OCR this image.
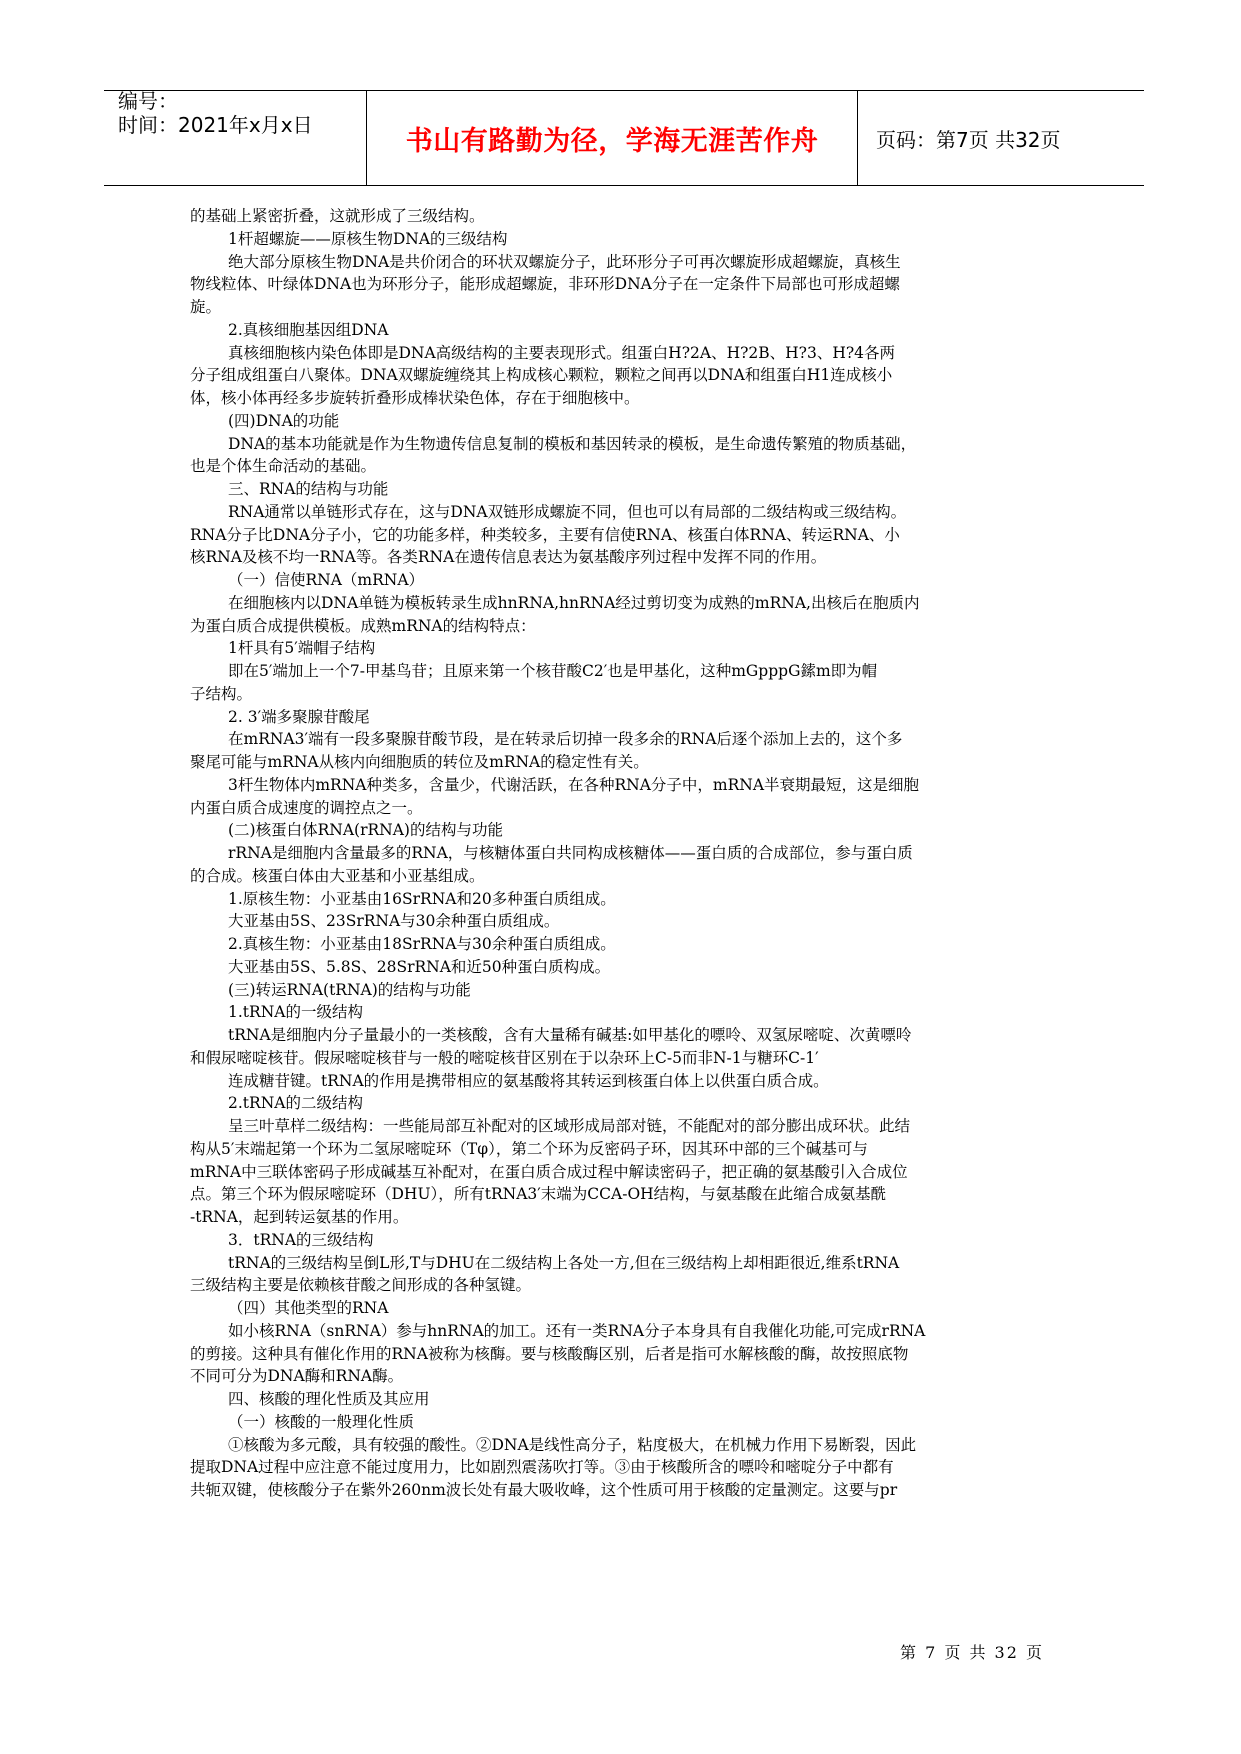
编号：
时间：2021年x月x日
书山有路勤为径，学海无涯苦作舟	页码：第7页 共32页
的基础上紧密折叠，这就形成了三级结构。
1杆超螺旋——原核生物DNA的三级结构
绝大部分原核生物DNA是共价闭合的环状双螺旋分子，此环形分子可再次螺旋形成超螺旋，真核生
物线粒体、叶绿体DNA也为环形分子，能形成超螺旋，非环形DNA分子在一定条件下局部也可形成超螺
旋。
2.真核细胞基因组DNA
真核细胞核内染色体即是DNA高级结构的主要表现形式。组蛋白H?2A、H?2B、H?3、H?4各两
分子组成组蛋白八聚体。DNA双螺旋缠绕其上构成核心颗粒，颗粒之间再以DNA和组蛋白H1连成核小
体，核小体再经多步旋转折叠形成棒状染色体，存在于细胞核中。
(四)DNA的功能
DNA的基本功能就是作为生物遗传信息复制的模板和基因转录的模板，是生命遗传繁殖的物质基础，
也是个体生命活动的基础。
三、RNA的结构与功能
RNA通常以单链形式存在，这与DNA双链形成螺旋不同，但也可以有局部的二级结构或三级结构。
RNA分子比DNA分子小，它的功能多样，种类较多，主要有信使RNA、核蛋白体RNA、转运RNA、小
核RNA及核不均一RNA等。各类RNA在遗传信息表达为氨基酸序列过程中发挥不同的作用。
（一）信使RNA（mRNA）
在细胞核内以DNA单链为模板转录生成hnRNA,hnRNA经过剪切变为成熟的mRNA,出核后在胞质内
为蛋白质合成提供模板。成熟mRNA的结构特点：
1杆具有5′端帽子结构
即在5′端加上一个7-甲基鸟苷；且原来第一个核苷酸C2′也是甲基化，这种mGpppG鎍m即为帽
子结构。
2. 3′端多聚腺苷酸尾
在mRNA3′端有一段多聚腺苷酸节段，是在转录后切掉一段多余的RNA后逐个添加上去的，这个多
聚尾可能与mRNA从核内向细胞质的转位及mRNA的稳定性有关。
3杆生物体内mRNA种类多，含量少，代谢活跃，在各种RNA分子中，mRNA半衰期最短，这是细胞
内蛋白质合成速度的调控点之一。
(二)核蛋白体RNA(rRNA)的结构与功能
rRNA是细胞内含量最多的RNA，与核糖体蛋白共同构成核糖体——蛋白质的合成部位，参与蛋白质
的合成。核蛋白体由大亚基和小亚基组成。
1.原核生物：小亚基由16SrRNA和20多种蛋白质组成。
大亚基由5S、23SrRNA与30余种蛋白质组成。
2.真核生物：小亚基由18SrRNA与30余种蛋白质组成。
大亚基由5S、5.8S、28SrRNA和近50种蛋白质构成。
(三)转运RNA(tRNA)的结构与功能
1.tRNA的一级结构
tRNA是细胞内分子量最小的一类核酸，含有大量稀有碱基:如甲基化的嘌呤、双氢尿嘧啶、次黄嘌呤
和假尿嘧啶核苷。假尿嘧啶核苷与一般的嘧啶核苷区别在于以杂环上C-5而非N-1与糖环C-1′
连成糖苷键。tRNA的作用是携带相应的氨基酸将其转运到核蛋白体上以供蛋白质合成。
2.tRNA的二级结构
呈三叶草样二级结构：一些能局部互补配对的区域形成局部对链，不能配对的部分膨出成环状。此结
构从5′末端起第一个环为二氢尿嘧啶环（Tφ），第二个环为反密码子环，因其环中部的三个碱基可与
mRNA中三联体密码子形成碱基互补配对，在蛋白质合成过程中解读密码子，把正确的氨基酸引入合成位
点。第三个环为假尿嘧啶环（DHU），所有tRNA3′末端为CCA-OH结构，与氨基酸在此缩合成氨基酰
-tRNA，起到转运氨基的作用。
3．tRNA的三级结构
tRNA的三级结构呈倒L形,T与DHU在二级结构上各处一方,但在三级结构上却相距很近,维系tRNA
三级结构主要是依赖核苷酸之间形成的各种氢键。
（四）其他类型的RNA
如小核RNA（snRNA）参与hnRNA的加工。还有一类RNA分子本身具有自我催化功能,可完成rRNA
的剪接。这种具有催化作用的RNA被称为核酶。要与核酸酶区别，后者是指可水解核酸的酶，故按照底物
不同可分为DNA酶和RNA酶。
四、核酸的理化性质及其应用
（一）核酸的一般理化性质
①核酸为多元酸，具有较强的酸性。②DNA是线性高分子，粘度极大，在机械力作用下易断裂，因此
提取DNA过程中应注意不能过度用力，比如剧烈震荡吹打等。③由于核酸所含的嘌呤和嘧啶分子中都有
共轭双键，使核酸分子在紫外260nm波长处有最大吸收峰，这个性质可用于核酸的定量测定。这要与pr
第 7 页 共 32 页
